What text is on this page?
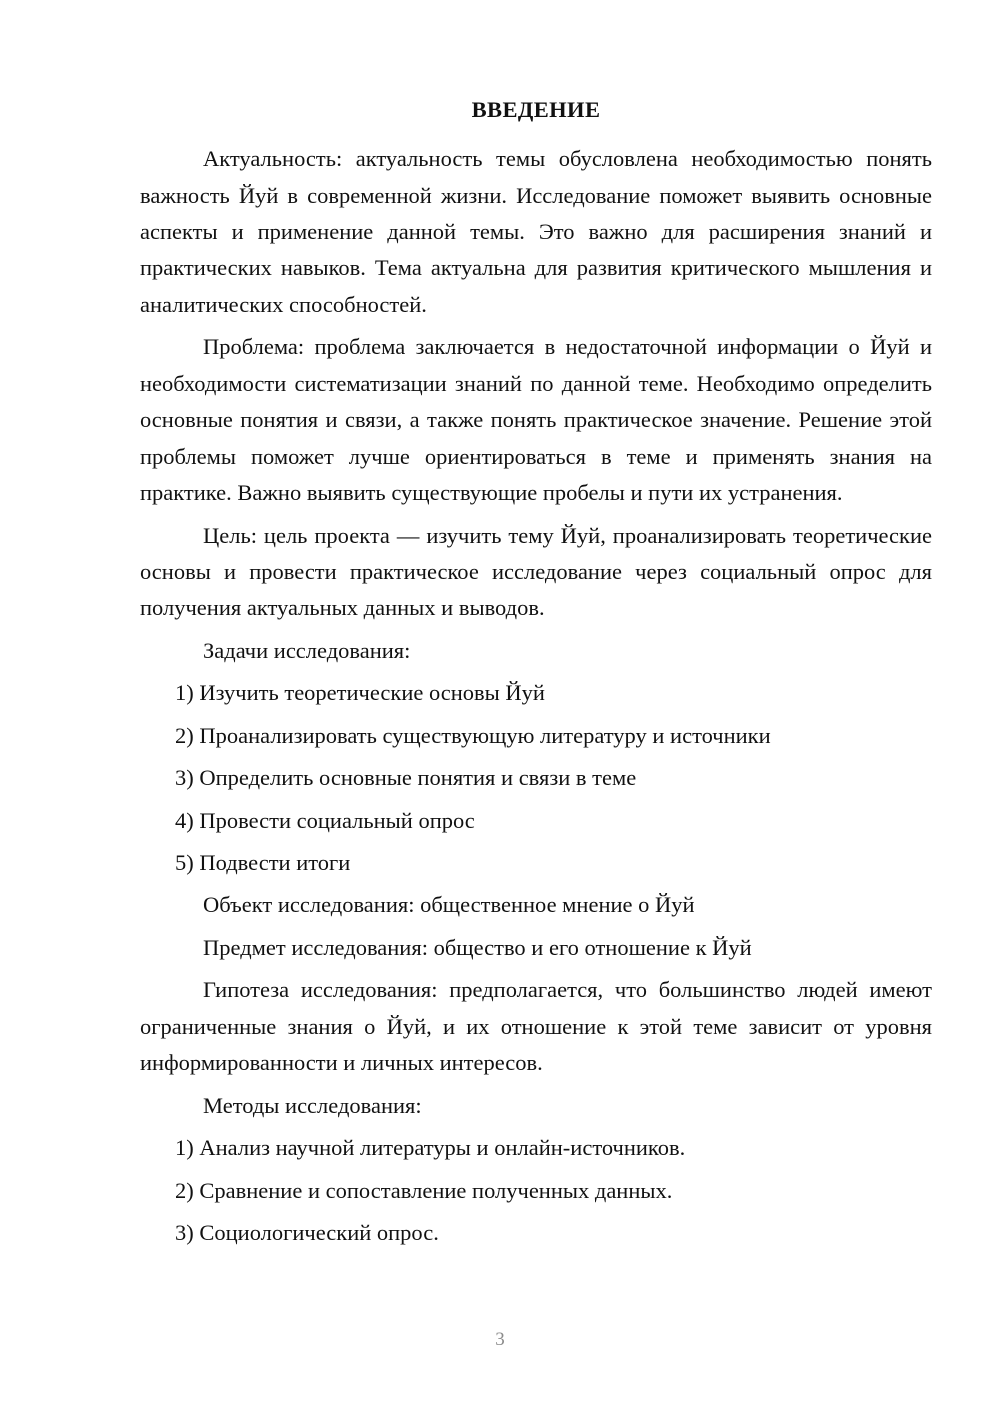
ВВЕДЕНИЕ

Актуальность: актуальность темы обусловлена необходимостью понять важность Йуй в современной жизни. Исследование поможет выявить основные аспекты и применение данной темы. Это важно для расширения знаний и практических навыков. Тема актуальна для развития критического мышления и аналитических способностей.

Проблема: проблема заключается в недостаточной информации о Йуй и необходимости систематизации знаний по данной теме. Необходимо определить основные понятия и связи, а также понять практическое значение. Решение этой проблемы поможет лучше ориентироваться в теме и применять знания на практике. Важно выявить существующие пробелы и пути их устранения.

Цель: цель проекта — изучить тему Йуй, проанализировать теоретические основы и провести практическое исследование через социальный опрос для получения актуальных данных и выводов.

Задачи исследования:

1) Изучить теоретические основы Йуй

2) Проанализировать существующую литературу и источники

3) Определить основные понятия и связи в теме

4) Провести социальный опрос

5) Подвести итоги

Объект исследования: общественное мнение о Йуй

Предмет исследования: общество и его отношение к Йуй

Гипотеза исследования: предполагается, что большинство людей имеют ограниченные знания о Йуй, и их отношение к этой теме зависит от уровня информированности и личных интересов.

Методы исследования:

1) Анализ научной литературы и онлайн-источников.

2) Сравнение и сопоставление полученных данных.

3) Социологический опрос.

3
